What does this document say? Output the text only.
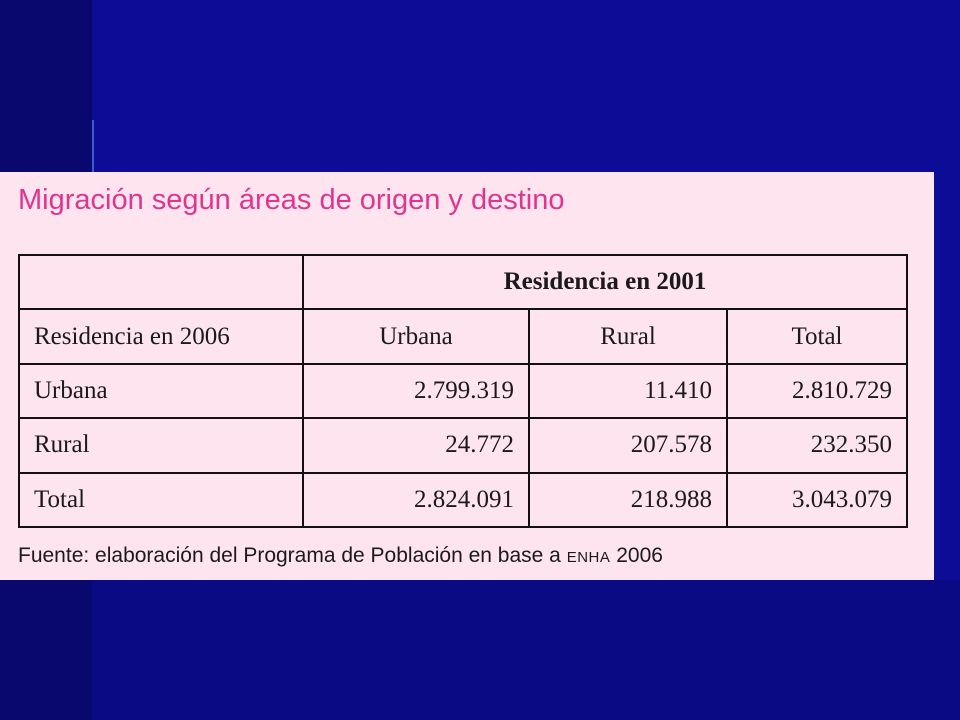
Migración según áreas de origen y destino
	Residencia en 2001		
Residencia en 2006	Urbana	Rural	Total
Urbana	2.799.319	11.410	2.810.729
Rural	24.772	207.578	232.350
Total	2.824.091	218.988	3.043.079

Fuente: elaboración del Programa de Población en base a ENHA 2006
